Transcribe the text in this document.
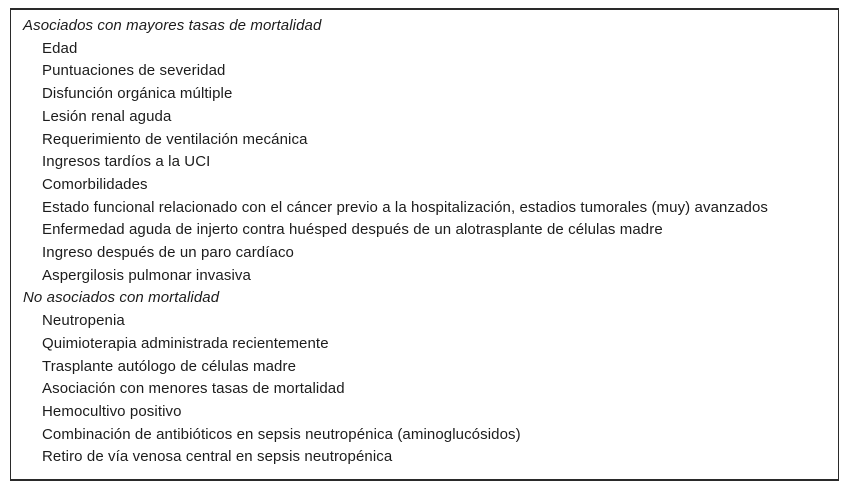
Asociados con mayores tasas de mortalidad
Edad
Puntuaciones de severidad
Disfunción orgánica múltiple
Lesión renal aguda
Requerimiento de ventilación mecánica
Ingresos tardíos a la UCI
Comorbilidades
Estado funcional relacionado con el cáncer previo a la hospitalización, estadios tumorales (muy) avanzados
Enfermedad aguda de injerto contra huésped después de un alotrasplante de células madre
Ingreso después de un paro cardíaco
Aspergilosis pulmonar invasiva
No asociados con mortalidad
Neutropenia
Quimioterapia administrada recientemente
Trasplante autólogo de células madre
Asociación con menores tasas de mortalidad
Hemocultivo positivo
Combinación de antibióticos en sepsis neutropénica (aminoglucósidos)
Retiro de vía venosa central en sepsis neutropénica
